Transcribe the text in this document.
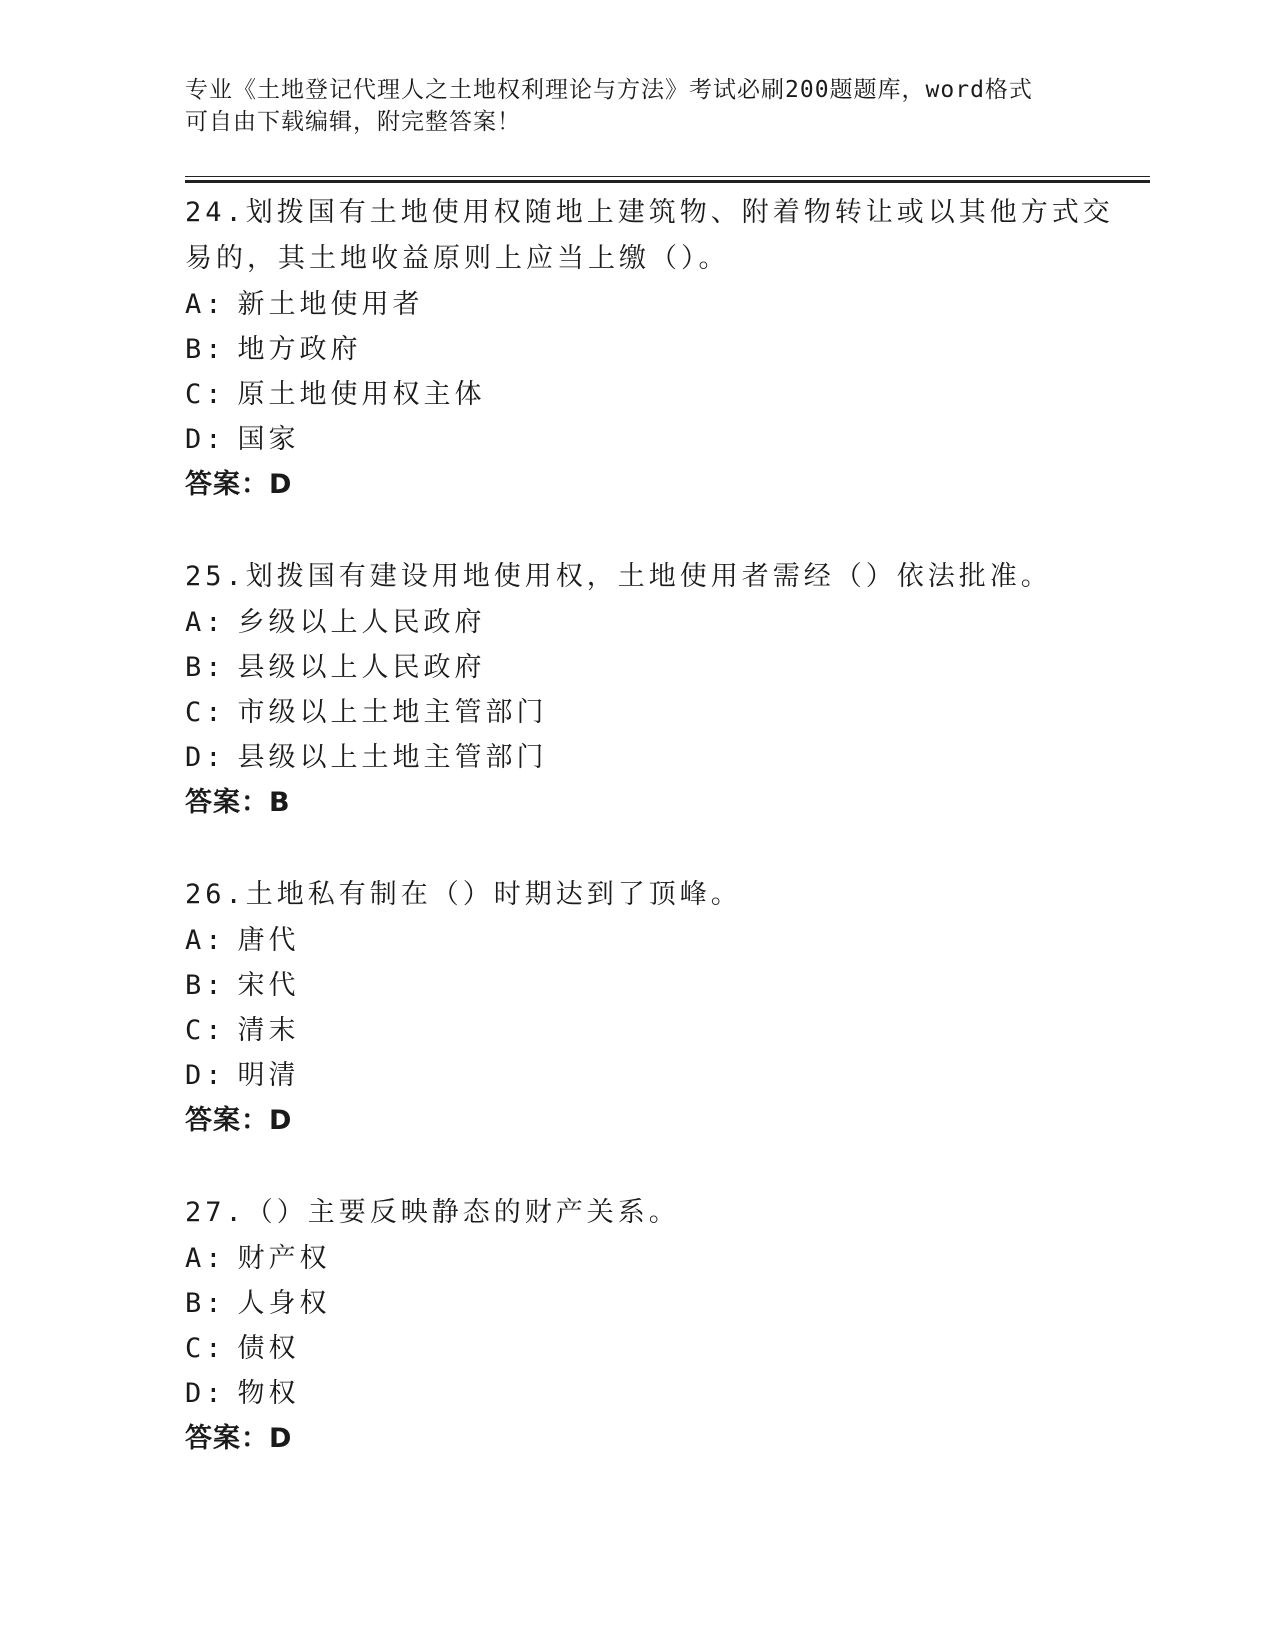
专业《土地登记代理人之土地权利理论与方法》考试必刷200题题库，word格式
可自由下载编辑，附完整答案！

24.划拨国有土地使用权随地上建筑物、附着物转让或以其他方式交易的，其土地收益原则上应当上缴（）。

A: 新土地使用者

B: 地方政府

C: 原土地使用权主体

D: 国家

答案：D

25.划拨国有建设用地使用权，土地使用者需经（）依法批准。

A: 乡级以上人民政府

B: 县级以上人民政府

C: 市级以上土地主管部门

D: 县级以上土地主管部门

答案：B

26.土地私有制在（）时期达到了顶峰。

A: 唐代

B: 宋代

C: 清末

D: 明清

答案：D

27.（）主要反映静态的财产关系。

A: 财产权

B: 人身权

C: 债权

D: 物权

答案：D
